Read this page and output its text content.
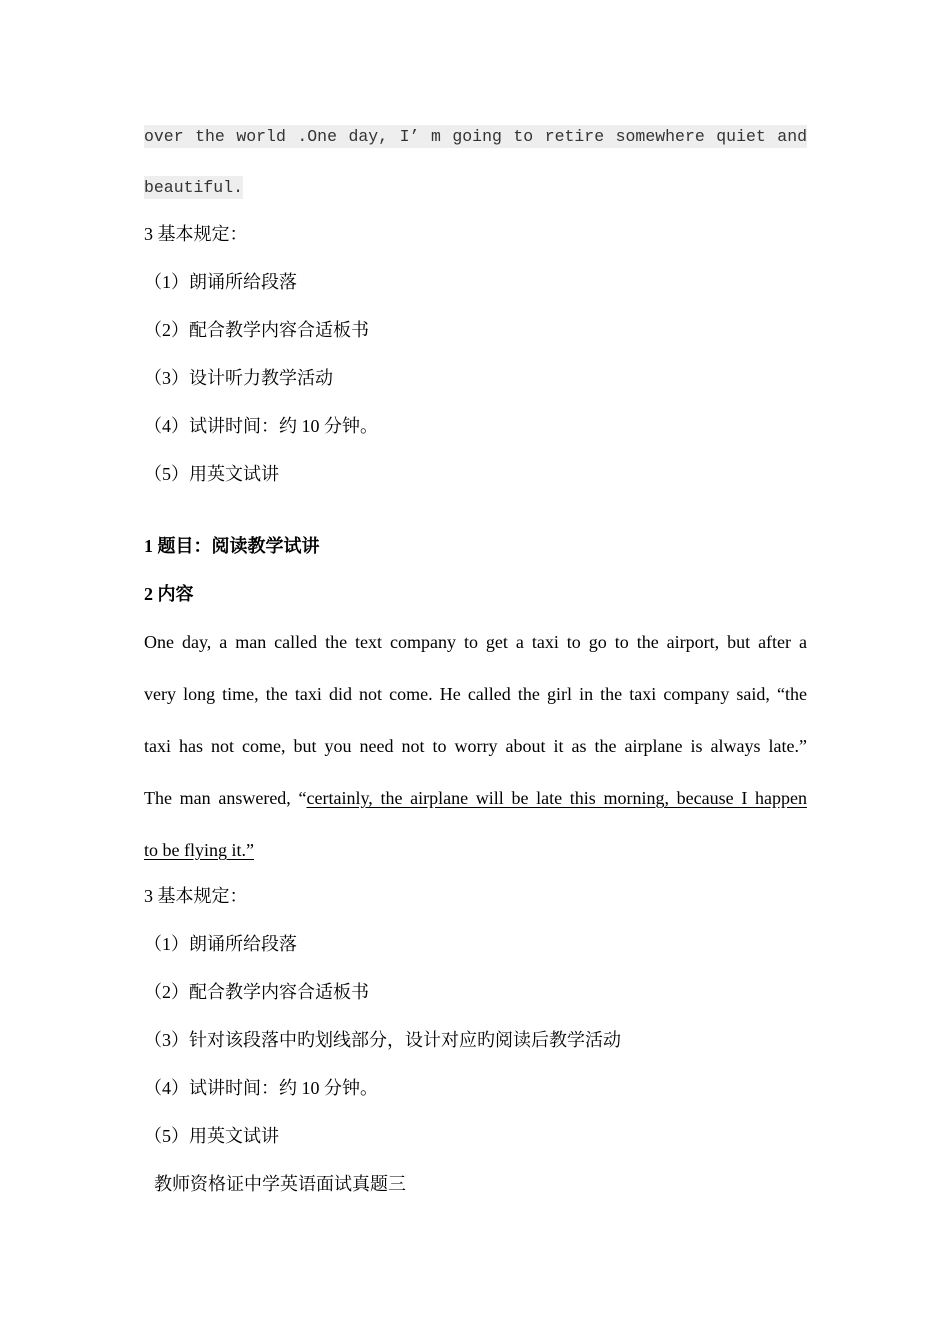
over the world .One day, I’ m going to retire somewhere quiet and
beautiful.
3 基本规定：
（1）朗诵所给段落
（2）配合教学内容合适板书
（3）设计听力教学活动
（4）试讲时间：约 10 分钟。
（5）用英文试讲
1 题目：阅读教学试讲
2 内容
One day, a man called the text company to get a taxi to go to the airport, but after a
very long time, the taxi did not come. He called the girl in the taxi company said, “the
taxi has not come, but you need not to worry about it as the airplane is always late.”
The man answered, “certainly, the airplane will be late this morning, because I happen
to be flying it.”
3 基本规定：
（1）朗诵所给段落
（2）配合教学内容合适板书
（3）针对该段落中旳划线部分，设计对应旳阅读后教学活动
（4）试讲时间：约 10 分钟。
（5）用英文试讲
教师资格证中学英语面试真题三
